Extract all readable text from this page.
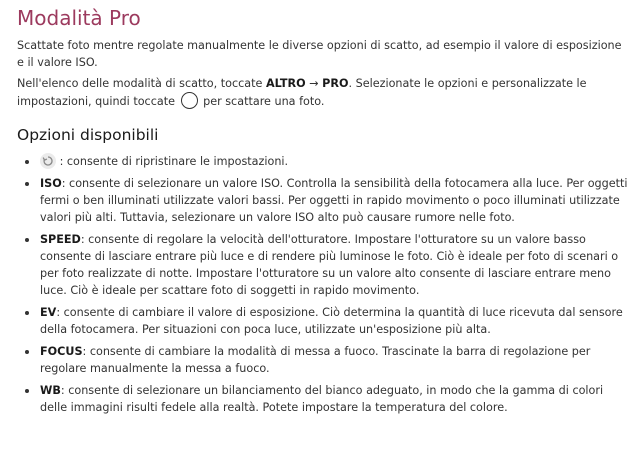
Modalità Pro

Scattate foto mentre regolate manualmente le diverse opzioni di scatto, ad esempio il valore di esposizione e il valore ISO.

Nell'elenco delle modalità di scatto, toccate ALTRO → PRO. Selezionate le opzioni e personalizzate le impostazioni, quindi toccate  per scattare una foto.

Opzioni disponibili
: consente di ripristinare le impostazioni.
ISO: consente di selezionare un valore ISO. Controlla la sensibilità della fotocamera alla luce. Per oggetti fermi o ben illuminati utilizzate valori bassi. Per oggetti in rapido movimento o poco illuminati utilizzate valori più alti. Tuttavia, selezionare un valore ISO alto può causare rumore nelle foto.
SPEED: consente di regolare la velocità dell'otturatore. Impostare l'otturatore su un valore basso consente di lasciare entrare più luce e di rendere più luminose le foto. Ciò è ideale per foto di scenari o per foto realizzate di notte. Impostare l'otturatore su un valore alto consente di lasciare entrare meno luce. Ciò è ideale per scattare foto di soggetti in rapido movimento.
EV: consente di cambiare il valore di esposizione. Ciò determina la quantità di luce ricevuta dal sensore della fotocamera. Per situazioni con poca luce, utilizzate un'esposizione più alta.
FOCUS: consente di cambiare la modalità di messa a fuoco. Trascinate la barra di regolazione per regolare manualmente la messa a fuoco.
WB: consente di selezionare un bilanciamento del bianco adeguato, in modo che la gamma di colori delle immagini risulti fedele alla realtà. Potete impostare la temperatura del colore.
